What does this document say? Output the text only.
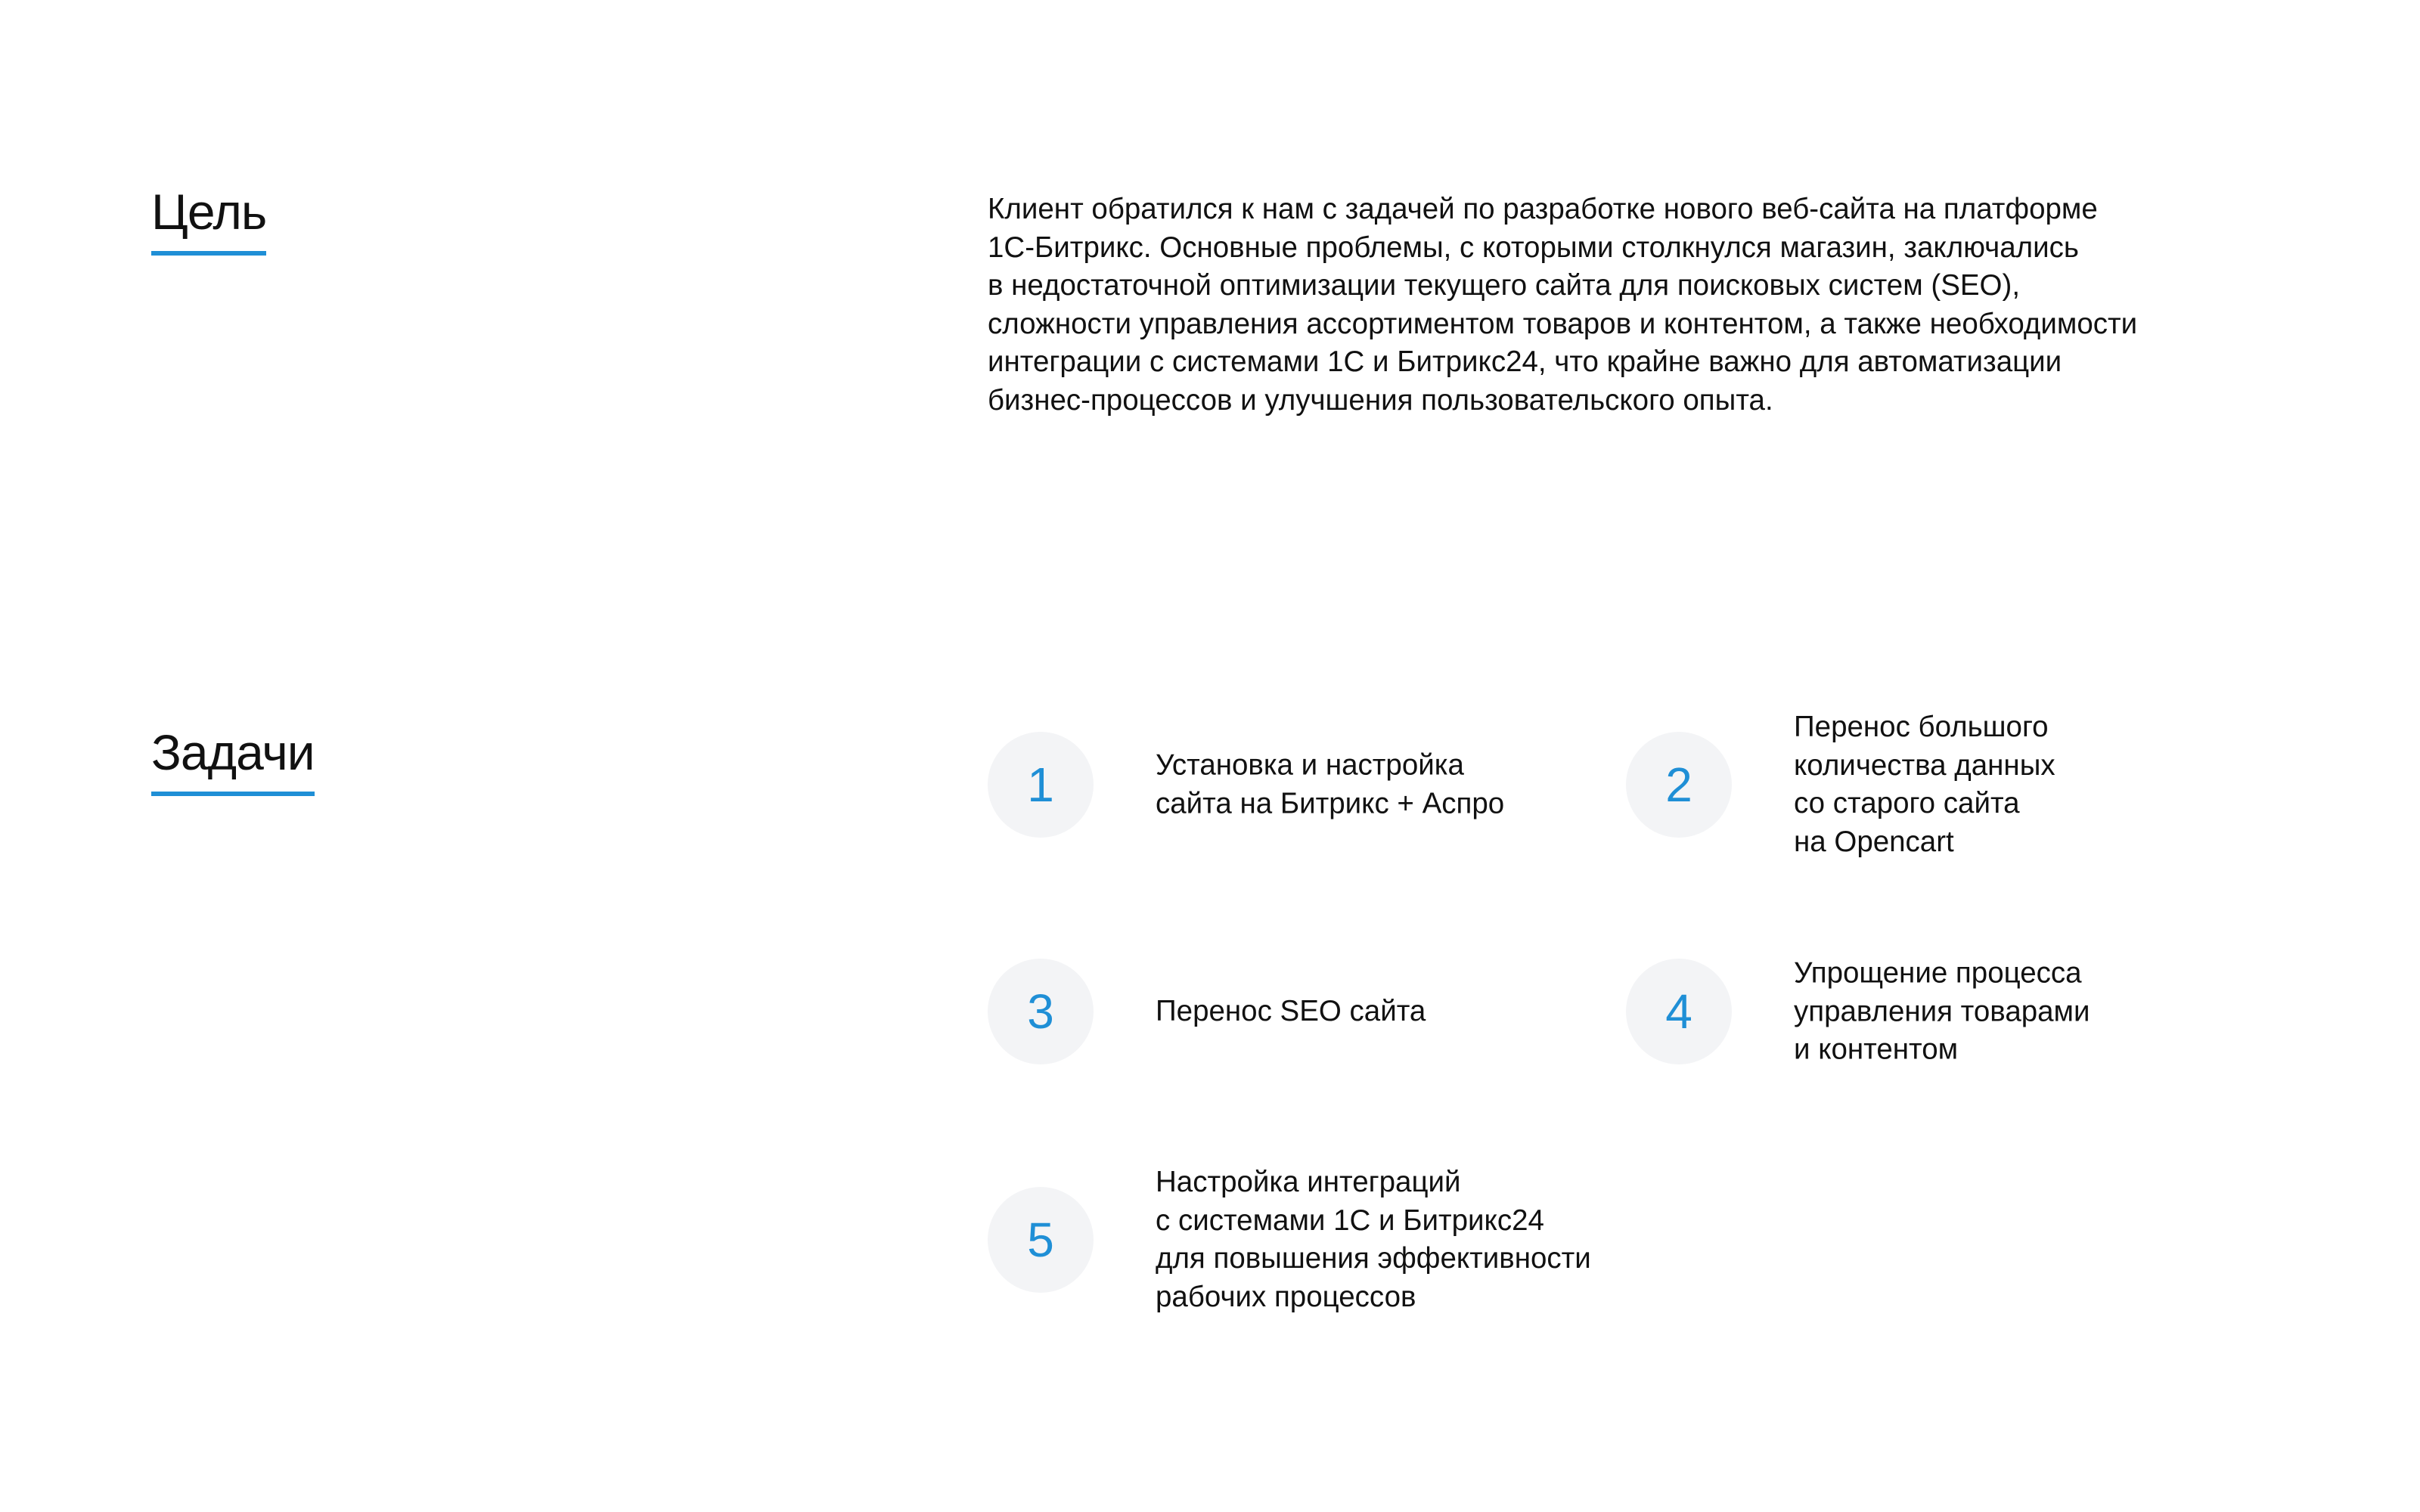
Цель	Клиент обратился к нам с задачей по разработке нового веб-сайта на платформе
1С-Битрикс. Основные проблемы, с которыми столкнулся магазин, заключались
в недостаточной оптимизации текущего сайта для поисковых систем (SEO),
сложности управления ассортиментом товаров и контентом, а также необходимости
интеграции с системами 1С и Битрикс24, что крайне важно для автоматизации
бизнес-процессов и улучшения пользовательского опыта.

Задачи
1	Установка и настройка
сайта на Битрикс + Аспро	2
Перенос большого
количества данных
со старого сайта
на Opencart
3	Перенос SEO сайта	4
Упрощение процесса
управления товарами
и контентом
5
Настройка интеграций
с системами 1С и Битрикс24
для повышения эффективности
рабочих процессов
